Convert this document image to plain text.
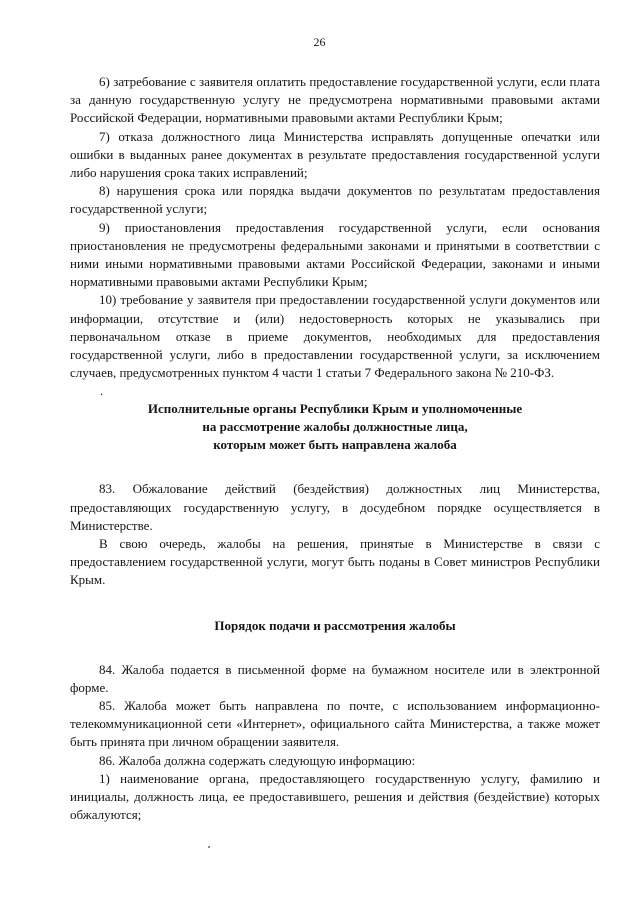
26

6) затребование с заявителя оплатить предоставление государственной услуги, если плата за данную государственную услугу не предусмотрена нормативными правовыми актами Российской Федерации, нормативными правовыми актами Республики Крым;

7) отказа должностного лица Министерства исправлять допущенные опечатки или ошибки в выданных ранее документах в результате предоставления государственной услуги либо нарушения срока таких исправлений;

8) нарушения срока или порядка выдачи документов по результатам предоставления государственной услуги;

9) приостановления предоставления государственной услуги, если основания приостановления не предусмотрены федеральными законами и принятыми в соответствии с ними иными нормативными правовыми актами Российской Федерации, законами и иными нормативными правовыми актами Республики Крым;

10) требование у заявителя при предоставлении государственной услуги документов или информации, отсутствие и (или) недостоверность которых не указывались при первоначальном отказе в приеме документов, необходимых для предоставления государственной услуги, либо в предоставлении государственной услуги, за исключением случаев, предусмотренных пунктом 4 части 1 статьи 7 Федерального закона № 210-ФЗ.

.

Исполнительные органы Республики Крым и уполномоченные
на рассмотрение жалобы должностные лица,
которым может быть направлена жалоба

83. Обжалование действий (бездействия) должностных лиц Министерства, предоставляющих государственную услугу, в досудебном порядке осуществляется в Министерстве.

В свою очередь, жалобы на решения, принятые в Министерстве в связи с предоставлением государственной услуги, могут быть поданы в Совет министров Республики Крым.

Порядок подачи и рассмотрения жалобы

84. Жалоба подается в письменной форме на бумажном носителе или в электронной форме.

85. Жалоба может быть направлена по почте, с использованием информационно-телекоммуникационной сети «Интернет», официального сайта Министерства, а также может быть принята при личном обращении заявителя.

86. Жалоба должна содержать следующую информацию:

1) наименование органа, предоставляющего государственную услугу, фамилию и инициалы, должность лица, ее предоставившего, решения и действия (бездействие) которых обжалуются;
